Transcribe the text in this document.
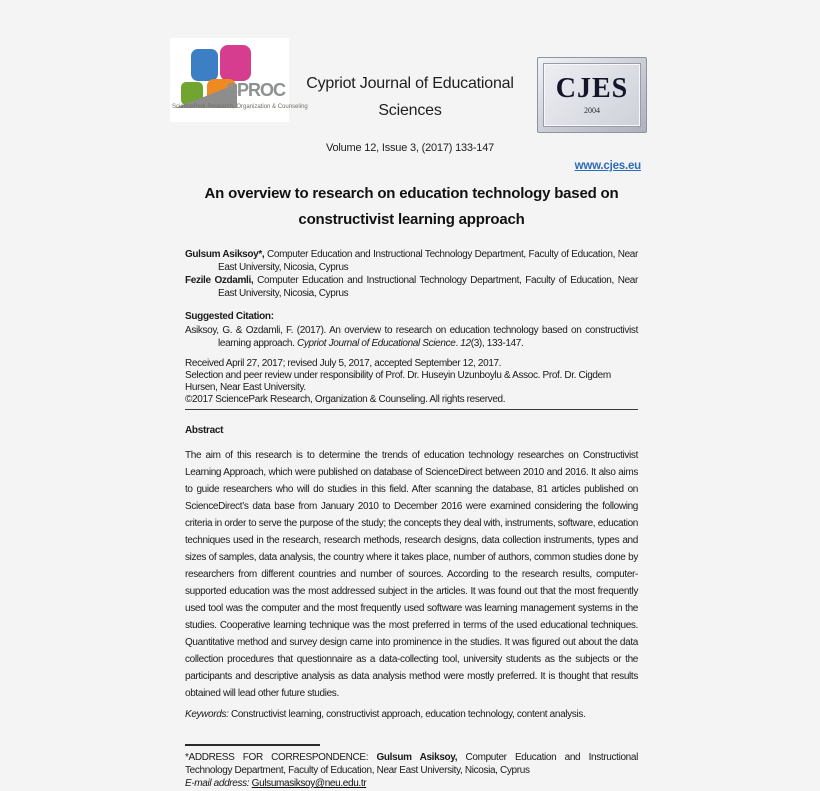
SPROC
SciencePark Research, Organization & Counseling
Cypriot Journal of Educational
Sciences
CJES
2004
Volume 12, Issue 3, (2017) 133-147
www.cjes.eu
An overview to research on education technology based on
constructivist learning approach
Gulsum Asiksoy*, Computer Education and Instructional Technology Department, Faculty of Education, Near East University, Nicosia, Cyprus
Fezile Ozdamli, Computer Education and Instructional Technology Department, Faculty of Education, Near East University, Nicosia, Cyprus
Suggested Citation:
Asiksoy, G. & Ozdamli, F. (2017). An overview to research on education technology based on constructivist learning approach. Cypriot Journal of Educational Science. 12(3), 133-147.
Received April 27, 2017; revised July 5, 2017, accepted September 12, 2017.
Selection and peer review under responsibility of Prof. Dr. Huseyin Uzunboylu & Assoc. Prof. Dr. Cigdem Hursen, Near East University.
©2017 SciencePark Research, Organization & Counseling. All rights reserved.
Abstract
The aim of this research is to determine the trends of education technology researches on Constructivist Learning Approach, which were published on database of ScienceDirect between 2010 and 2016. It also aims to guide researchers who will do studies in this field. After scanning the database, 81 articles published on ScienceDirect’s data base from January 2010 to December 2016 were examined considering the following criteria in order to serve the purpose of the study; the concepts they deal with, instruments, software, education techniques used in the research, research methods, research designs, data collection instruments, types and sizes of samples, data analysis, the country where it takes place, number of authors, common studies done by researchers from different countries and number of sources. According to the research results, computer-supported education was the most addressed subject in the articles. It was found out that the most frequently used tool was the computer and the most frequently used software was learning management systems in the studies. Cooperative learning technique was the most preferred in terms of the used educational techniques. Quantitative method and survey design came into prominence in the studies. It was figured out about the data collection procedures that questionnaire as a data-collecting tool, university students as the subjects or the participants and descriptive analysis as data analysis method were mostly preferred. It is thought that results obtained will lead other future studies.
Keywords: Constructivist learning, constructivist approach, education technology, content analysis.
*ADDRESS FOR CORRESPONDENCE: Gulsum Asiksoy, Computer Education and Instructional Technology Department, Faculty of Education, Near East University, Nicosia, Cyprus
E-mail address: Gulsumasiksoy@neu.edu.tr
